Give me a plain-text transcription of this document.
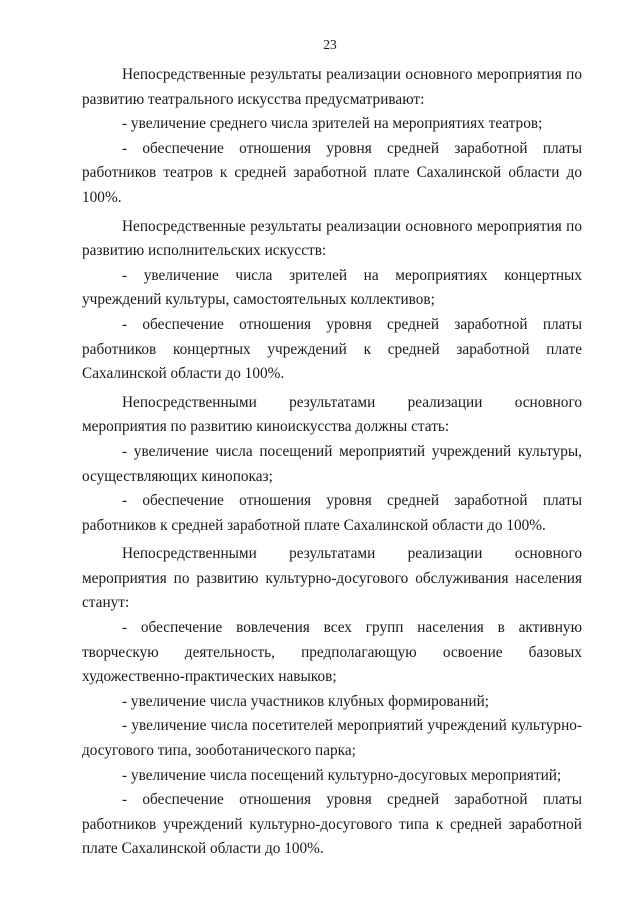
23

Непосредственные результаты реализации основного мероприятия по развитию театрального искусства предусматривают:

- увеличение среднего числа зрителей на мероприятиях театров;

- обеспечение отношения уровня средней заработной платы работников театров к средней заработной плате Сахалинской области до 100%.

Непосредственные результаты реализации основного мероприятия по развитию исполнительских искусств:

- увеличение числа зрителей на мероприятиях концертных учреждений культуры, самостоятельных коллективов;

- обеспечение отношения уровня средней заработной платы работников концертных учреждений к средней заработной плате Сахалинской области до 100%.

Непосредственными результатами реализации основного мероприятия по развитию киноискусства должны стать:

- увеличение числа посещений мероприятий учреждений культуры, осуществляющих кинопоказ;

- обеспечение отношения уровня средней заработной платы работников к средней заработной плате Сахалинской области до 100%.

Непосредственными результатами реализации основного мероприятия по развитию культурно-досугового обслуживания населения станут:

- обеспечение вовлечения всех групп населения в активную творческую деятельность, предполагающую освоение базовых художественно-практических навыков;

- увеличение числа участников клубных формирований;

- увеличение числа посетителей мероприятий учреждений культурно-досугового типа, зооботанического парка;

- увеличение числа посещений культурно-досуговых мероприятий;

- обеспечение отношения уровня средней заработной платы работников учреждений культурно-досугового типа к средней заработной плате Сахалинской области до 100%.
